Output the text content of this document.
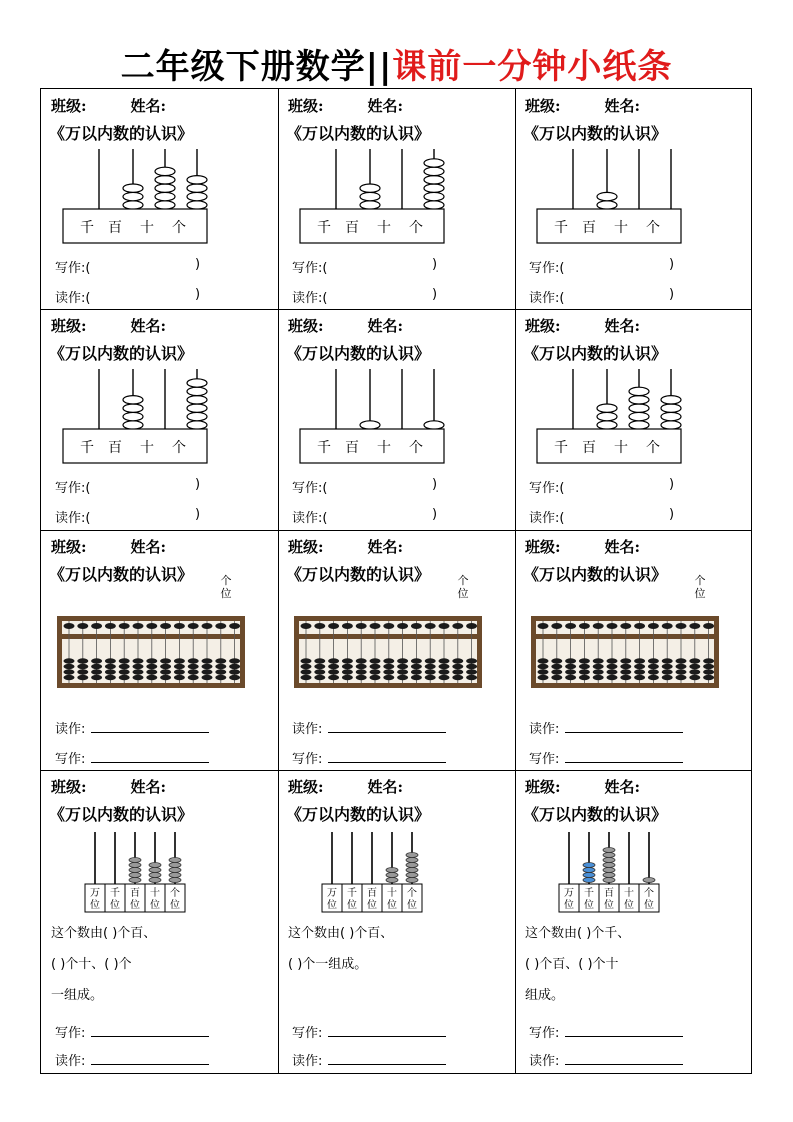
二年级下册数学||课前一分钟小纸条
班级:	姓名:
《万以内数的认识》
千 百 十 个
写作:(	)
读作:(	)
班级:	姓名:
《万以内数的认识》
千 百 十 个
写作:(	)
读作:(	)
班级:	姓名:
《万以内数的认识》
千 百 十 个
写作:(	)
读作:(	)
班级:	姓名:
《万以内数的认识》
千 百 十 个
写作:(	)
读作:(	)
班级:	姓名:
《万以内数的认识》
千 百 十 个
写作:(	)
读作:(	)
班级:	姓名:
《万以内数的认识》
千 百 十 个
写作:(	)
读作:(	)
班级:	姓名:
《万以内数的认识》 个位
读作:
写作:
班级:	姓名:
《万以内数的认识》 个位
读作:
写作:
班级:	姓名:
《万以内数的认识》 个位
读作:
写作:
班级:	姓名:
《万以内数的认识》
万
位
千
位
百
位
十
位
个
位
这个数由( )个百、
( )个十、( )个
一组成。
写作:
读作:
班级:	姓名:
《万以内数的认识》
万
位
千
位
百
位
十
位
个
位
这个数由( )个百、
( )个一组成。
写作:
读作:
班级:	姓名:
《万以内数的认识》
万
位
千
位
百
位
十
位
个
位
这个数由( )个千、
( )个百、( )个十
组成。
写作:
读作:
